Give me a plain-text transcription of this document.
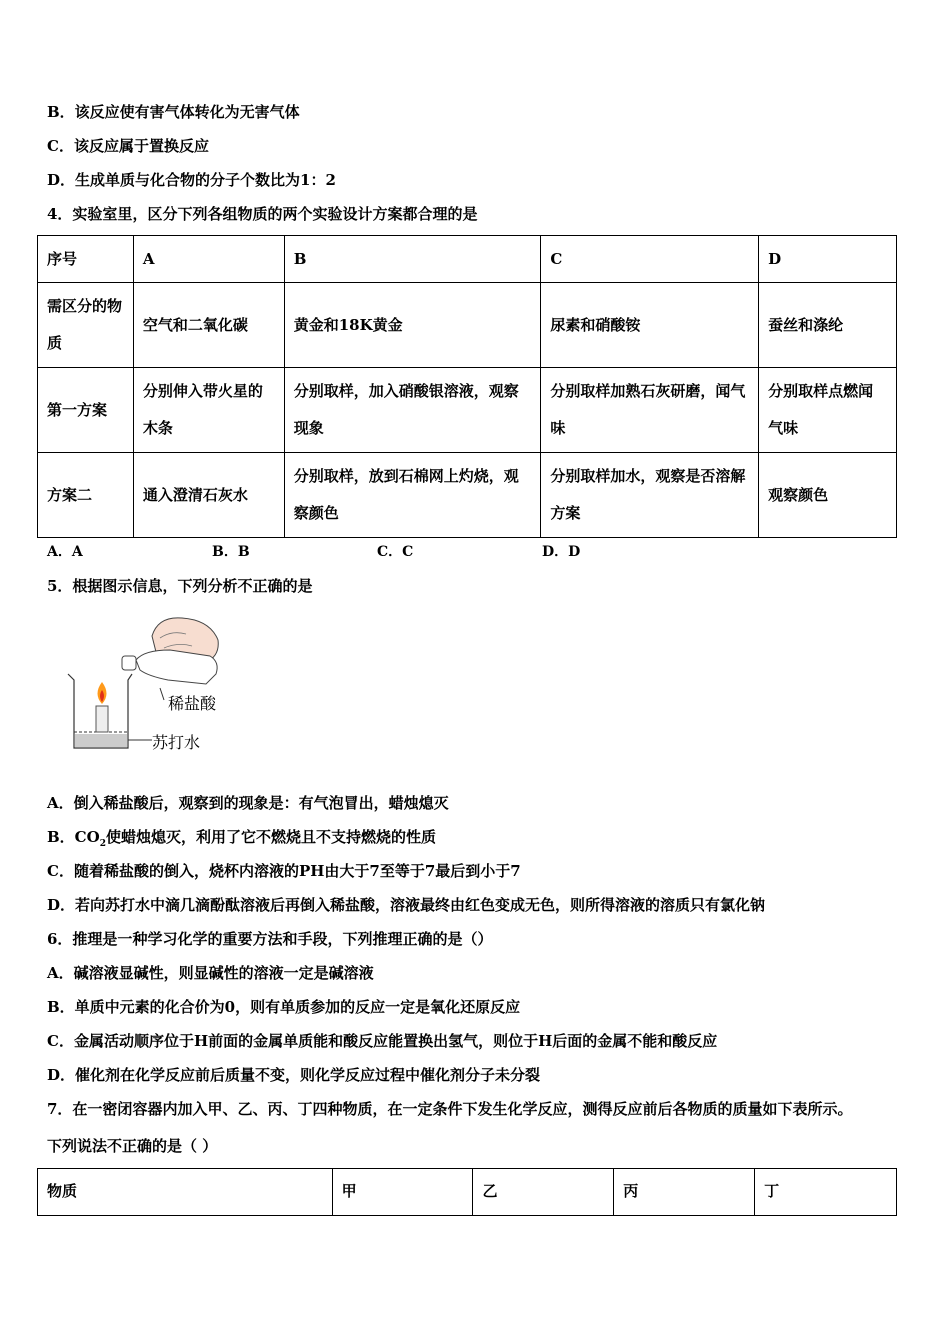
B．该反应使有害气体转化为无害气体
C．该反应属于置换反应
D．生成单质与化合物的分子个数比为1：2
4．实验室里，区分下列各组物质的两个实验设计方案都合理的是
序号	A	B	C	D
需区分的物质	空气和二氧化碳	黄金和18K黄金	尿素和硝酸铵	蚕丝和涤纶
第一方案	分别伸入带火星的木条	分别取样，加入硝酸银溶液，观察现象	分别取样加熟石灰研磨，闻气味	分别取样点燃闻气味
方案二	通入澄清石灰水	分别取样，放到石棉网上灼烧，观察颜色	分别取样加水，观察是否溶解方案	观察颜色
A．A	B．B	C．C	D．D
5．根据图示信息，下列分析不正确的是
稀盐酸
苏打水
A．倒入稀盐酸后，观察到的现象是：有气泡冒出，蜡烛熄灭
B．$CO_2$使蜡烛熄灭，利用了它不燃烧且不支持燃烧的性质
C．随着稀盐酸的倒入，烧杯内溶液的PH由大于7至等于7最后到小于7
D．若向苏打水中滴几滴酚酞溶液后再倒入稀盐酸，溶液最终由红色变成无色，则所得溶液的溶质只有氯化钠
6．推理是一种学习化学的重要方法和手段，下列推理正确的是（）
A．碱溶液显碱性，则显碱性的溶液一定是碱溶液
B．单质中元素的化合价为0，则有单质参加的反应一定是氧化还原反应
C．金属活动顺序位于H前面的金属单质能和酸反应能置换出氢气，则位于H后面的金属不能和酸反应
D．催化剂在化学反应前后质量不变，则化学反应过程中催化剂分子未分裂
7．在一密闭容器内加入甲、乙、丙、丁四种物质，在一定条件下发生化学反应，测得反应前后各物质的质量如下表所示。
下列说法不正确的是（ ）
物质	甲	乙	丙	丁
